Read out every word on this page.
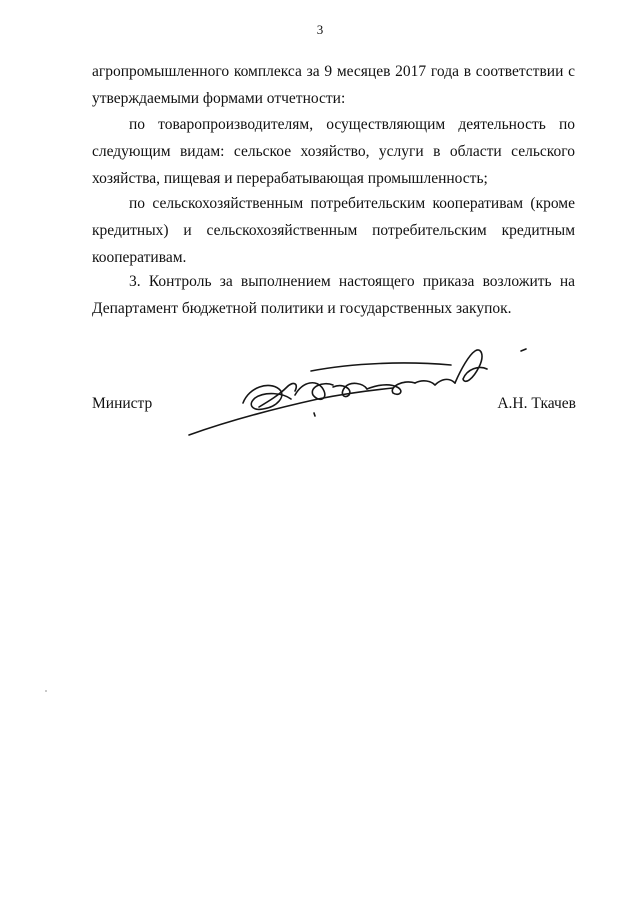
3

агропромышленного комплекса за 9 месяцев 2017 года в соответствии с утверждаемыми формами отчетности:

по товаропроизводителям, осуществляющим деятельность по следующим видам: сельское хозяйство, услуги в области сельского хозяйства, пищевая и перерабатывающая промышленность;

по сельскохозяйственным потребительским кооперативам (кроме кредитных) и сельскохозяйственным потребительским кредитным кооперативам.

3. Контроль за выполнением настоящего приказа возложить на Департамент бюджетной политики и государственных закупок.

Министр	А.Н. Ткачев
